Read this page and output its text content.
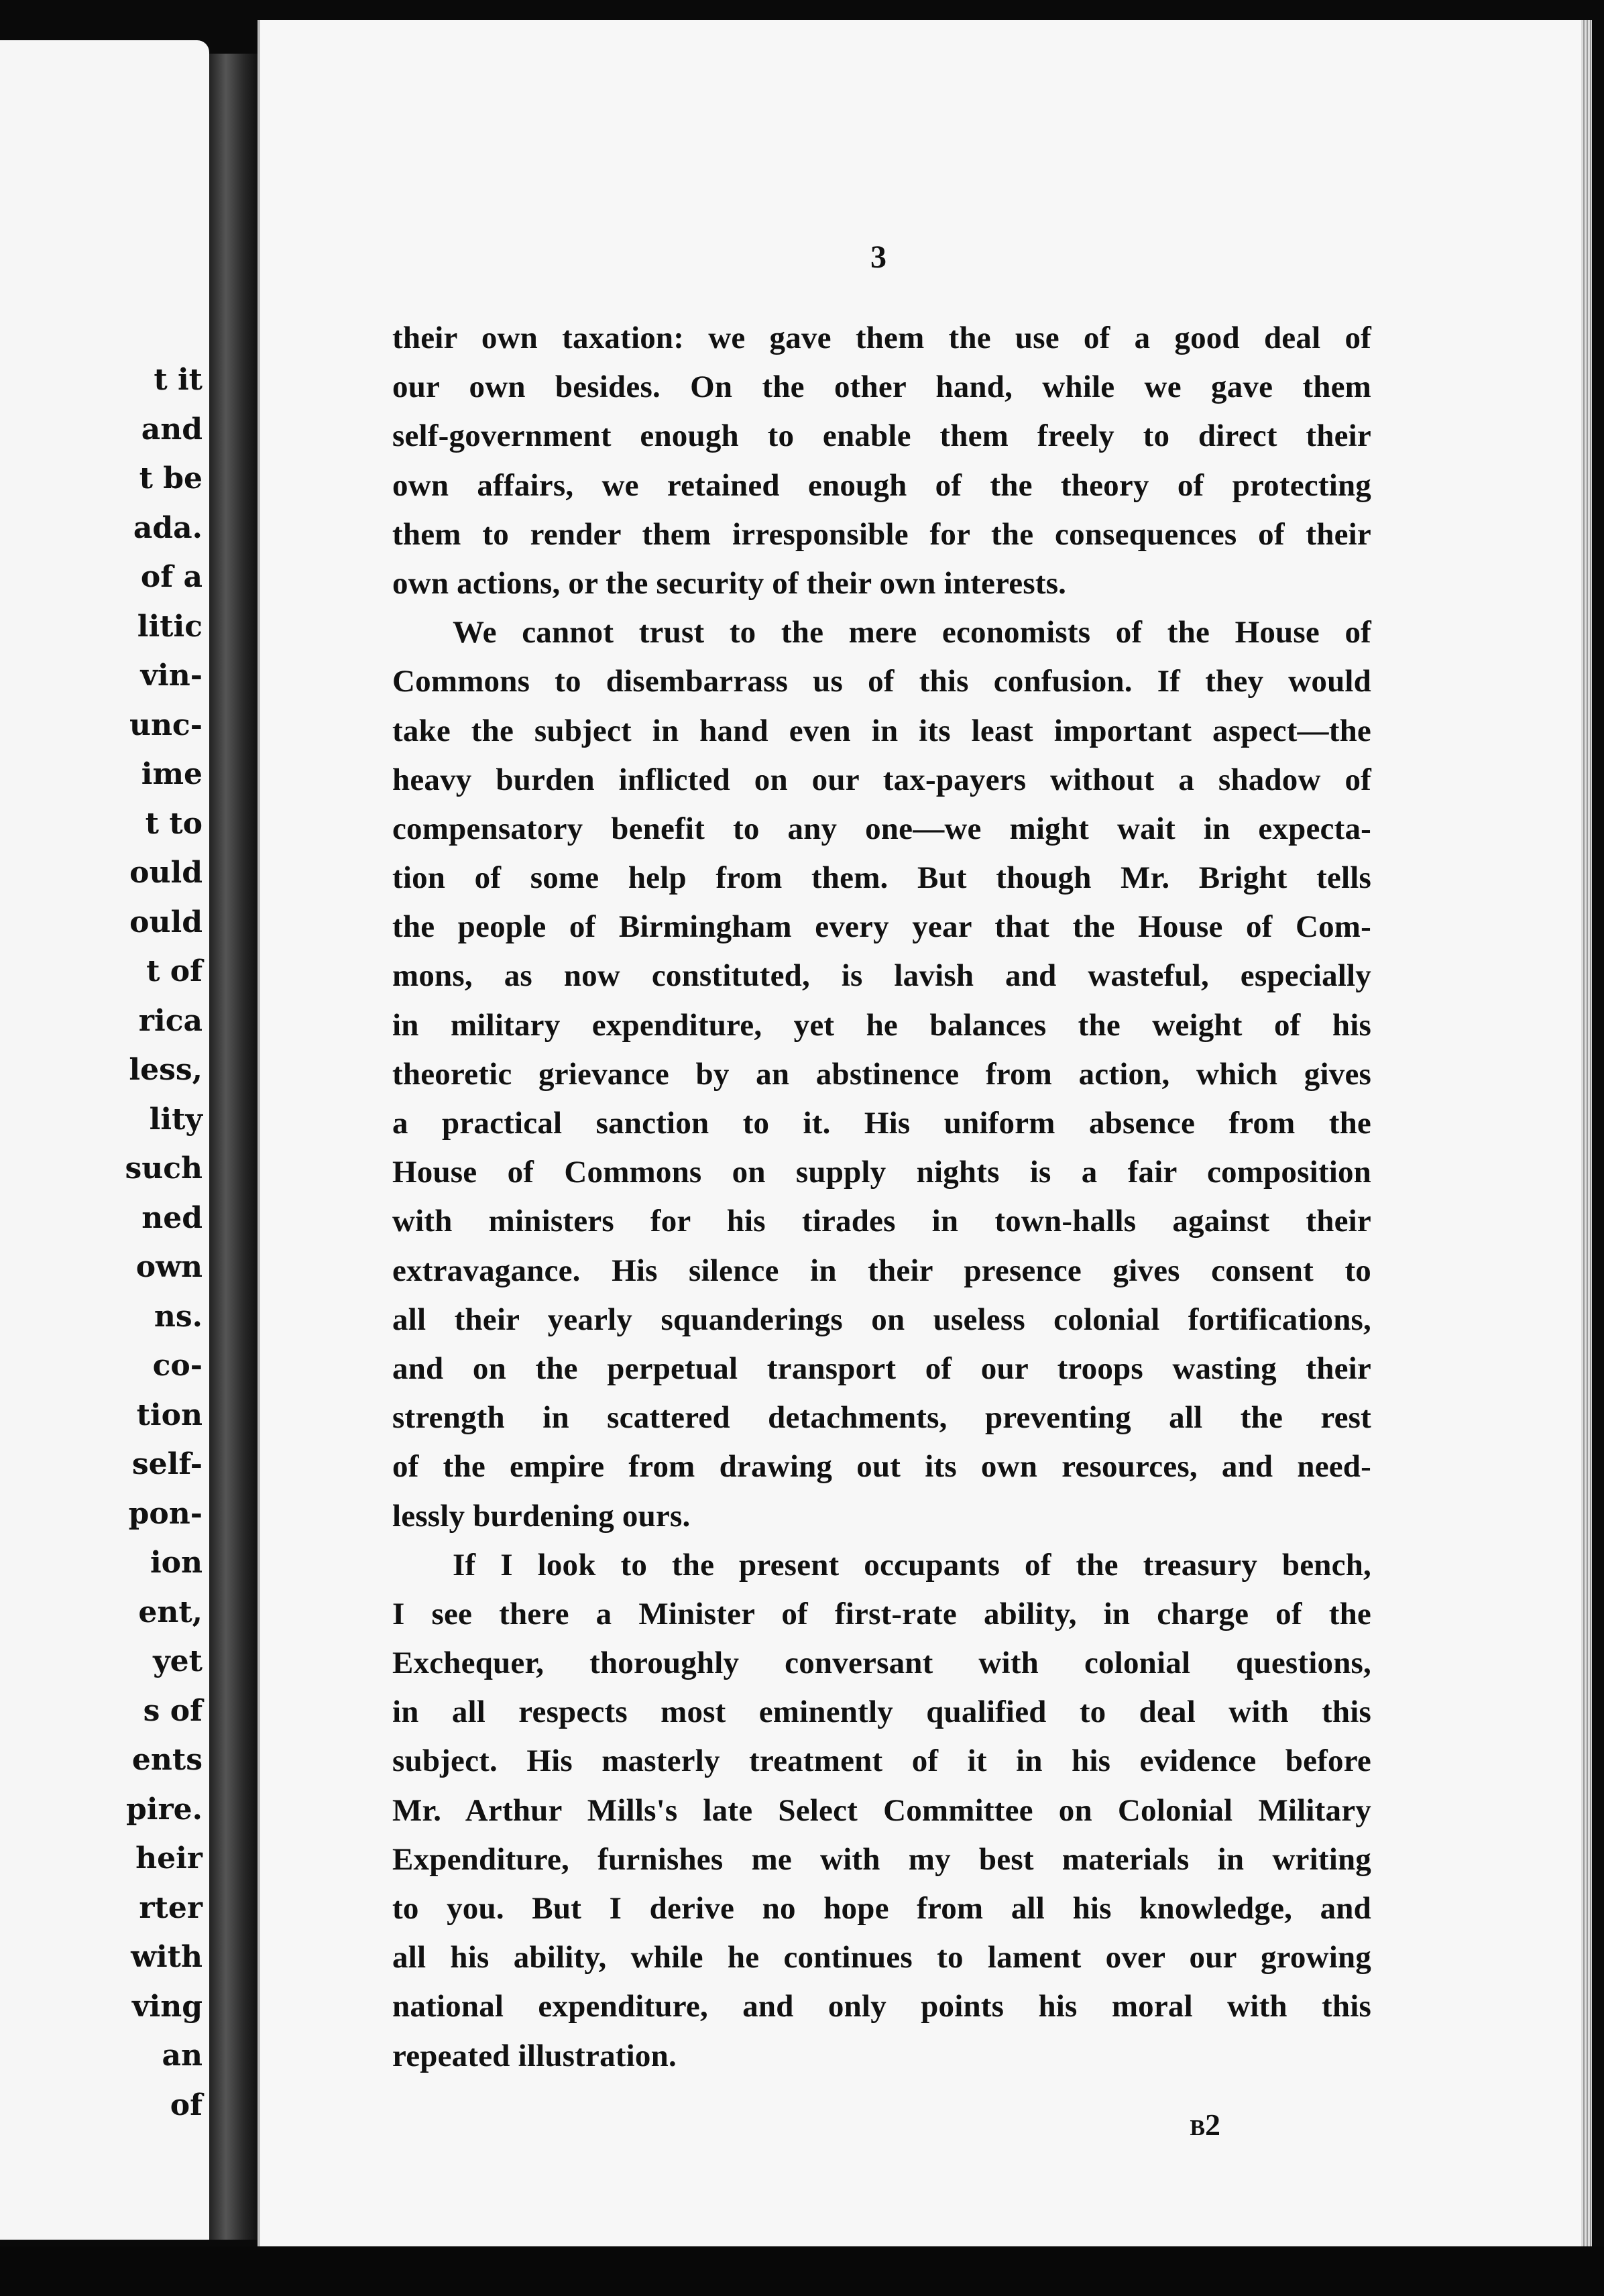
t it
and
t be
ada.
of a
litic
vin-
unc-
ime
t to
ould
ould
t of
rica
less,
lity
such
ned
own
ns.
co-
tion
self-
pon-
ion
ent,
yet
s of
ents
pire.
heir
rter
with
ving
an
of
3
their own taxation: we gave them the use of a good deal of
our own besides. On the other hand, while we gave them
self-government enough to enable them freely to direct their
own affairs, we retained enough of the theory of protecting
them to render them irresponsible for the consequences of their
own actions, or the security of their own interests.
We cannot trust to the mere economists of the House of
Commons to disembarrass us of this confusion. If they would
take the subject in hand even in its least important aspect—the
heavy burden inflicted on our tax-payers without a shadow of
compensatory benefit to any one—we might wait in expecta-
tion of some help from them. But though Mr. Bright tells
the people of Birmingham every year that the House of Com-
mons, as now constituted, is lavish and wasteful, especially
in military expenditure, yet he balances the weight of his
theoretic grievance by an abstinence from action, which gives
a practical sanction to it. His uniform absence from the
House of Commons on supply nights is a fair composition
with ministers for his tirades in town-halls against their
extravagance. His silence in their presence gives consent to
all their yearly squanderings on useless colonial fortifications,
and on the perpetual transport of our troops wasting their
strength in scattered detachments, preventing all the rest
of the empire from drawing out its own resources, and need-
lessly burdening ours.
If I look to the present occupants of the treasury bench,
I see there a Minister of first-rate ability, in charge of the
Exchequer, thoroughly conversant with colonial questions,
in all respects most eminently qualified to deal with this
subject. His masterly treatment of it in his evidence before
Mr. Arthur Mills's late Select Committee on Colonial Military
Expenditure, furnishes me with my best materials in writing
to you. But I derive no hope from all his knowledge, and
all his ability, while he continues to lament over our growing
national expenditure, and only points his moral with this
repeated illustration.
B2
